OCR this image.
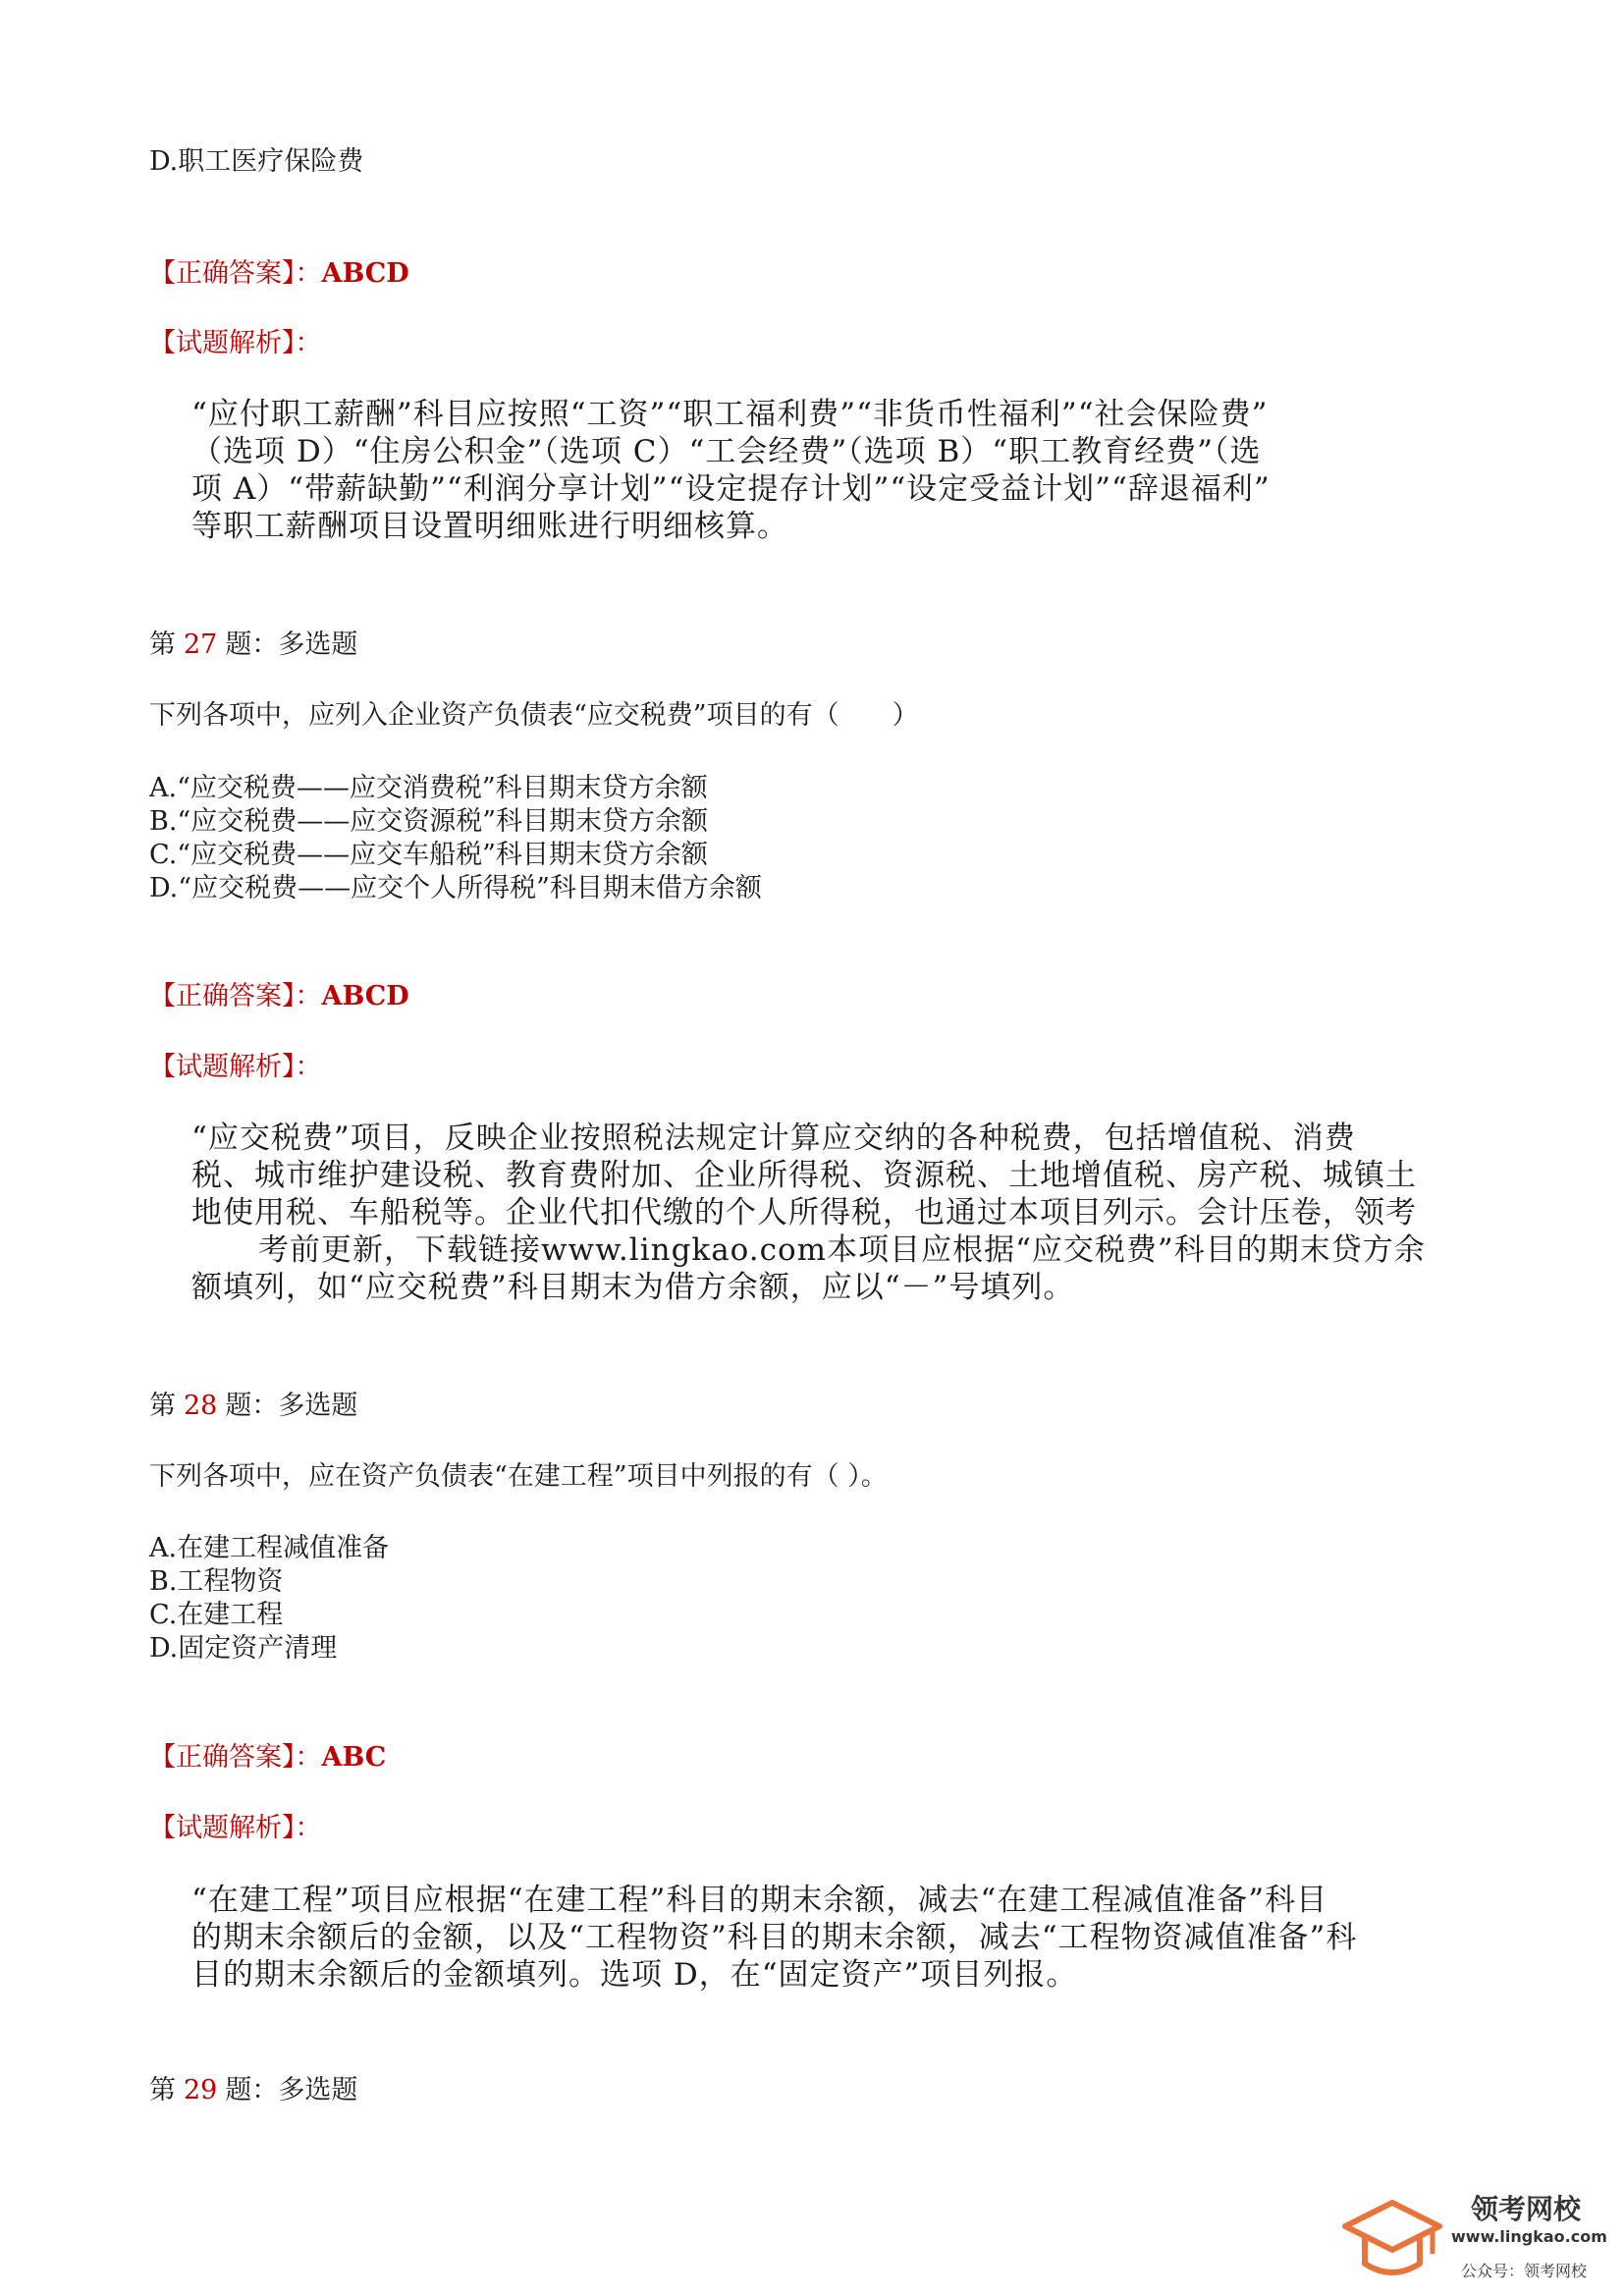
D.职工医疗保险费
【正确答案】：ABCD
【试题解析】：
“应付职工薪酬”科目应按照“工资”“职工福利费”“非货币性福利”“社会保险费”
（选项 D）“住房公积金”（选项 C）“工会经费”（选项 B）“职工教育经费”（选
项 A）“带薪缺勤”“利润分享计划”“设定提存计划”“设定受益计划”“辞退福利”
等职工薪酬项目设置明细账进行明细核算。
第 27 题：多选题
下列各项中，应列入企业资产负债表“应交税费”项目的有（　　）
A.“应交税费——应交消费税”科目期末贷方余额
B.“应交税费——应交资源税”科目期末贷方余额
C.“应交税费——应交车船税”科目期末贷方余额
D.“应交税费——应交个人所得税”科目期末借方余额
【正确答案】：ABCD
【试题解析】：
“应交税费”项目，反映企业按照税法规定计算应交纳的各种税费，包括增值税、消费
税、城市维护建设税、教育费附加、企业所得税、资源税、土地增值税、房产税、城镇土
地使用税、车船税等。企业代扣代缴的个人所得税，也通过本项目列示。会计压卷，领考
考前更新，下载链接www.lingkao.com本项目应根据“应交税费”科目的期末贷方余
额填列，如“应交税费”科目期末为借方余额，应以“－”号填列。
第 28 题：多选题
下列各项中，应在资产负债表“在建工程”项目中列报的有（ ）。
A.在建工程减值准备
B.工程物资
C.在建工程
D.固定资产清理
【正确答案】：ABC
【试题解析】：
“在建工程”项目应根据“在建工程”科目的期末余额，减去“在建工程减值准备”科目
的期末余额后的金额，以及“工程物资”科目的期末余额，减去“工程物资减值准备”科
目的期末余额后的金额填列。选项 D，在“固定资产”项目列报。
第 29 题：多选题
领考网校
www.lingkao.com
公众号：领考网校
